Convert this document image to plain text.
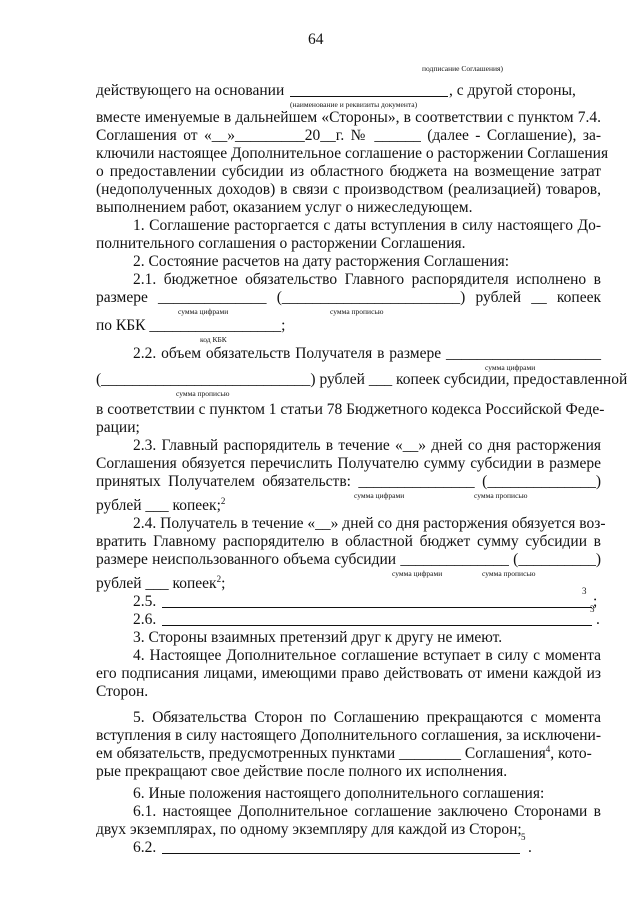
64
подписание Соглашения)
действующего на основании	, с другой стороны,
(наименование и реквизиты документа)
вместе именуемые в дальнейшем «Стороны», в соответствии с пунктом 7.4.
Соглашения от «__»_________20__г. № ______ (далее - Соглашение), за-
ключили настоящее Дополнительное соглашение о расторжении Соглашения
о предоставлении субсидии из областного бюджета на возмещение затрат
(недополученных доходов) в связи с производством (реализацией) товаров,
выполнением работ, оказанием услуг о нижеследующем.
1. Соглашение расторгается с даты вступления в силу настоящего До-
полнительного соглашения о расторжении Соглашения.
2. Состояние расчетов на дату расторжения Соглашения:
2.1. бюджетное обязательство Главного распорядителя исполнено в
размере ______________ (_______________________) рублей __ копеек
сумма цифрами	сумма прописью
по КБК _________________;
код КБК
2.2. объем обязательств Получателя в размере ____________________
сумма цифрами
(___________________________) рублей ___ копеек субсидии, предоставленной
сумма прописью
в соответствии с пунктом 1 статьи 78 Бюджетного кодекса Российской Феде-
рации;
2.3. Главный распорядитель в течение «__» дней со дня расторжения
Соглашения обязуется перечислить Получателю сумму субсидии в размере
принятых Получателем обязательств: _______________ (______________)
сумма цифрами	сумма прописью
рублей ___ копеек;$^2$
2.4. Получатель в течение «__» дней со дня расторжения обязуется воз-
вратить Главному распорядителю в областной бюджет сумму субсидии в
размере неиспользованного объема субсидии ______________ (__________)
сумма цифрами	сумма прописью
рублей ___ копеек$^2$;
2.5.
3
;
2.6.
3
.
3. Стороны взаимных претензий друг к другу не имеют.
4. Настоящее Дополнительное соглашение вступает в силу с момента
его подписания лицами, имеющими право действовать от имени каждой из
Сторон.
5. Обязательства Сторон по Соглашению прекращаются с момента
вступления в силу настоящего Дополнительного соглашения, за исключени-
ем обязательств, предусмотренных пунктами ________ Соглашения$^4$, кото-
рые прекращают свое действие после полного их исполнения.
6. Иные положения настоящего дополнительного соглашения:
6.1. настоящее Дополнительное соглашение заключено Сторонами в
двух экземплярах, по одному экземпляру для каждой из Сторон;
6.2.
5
.
